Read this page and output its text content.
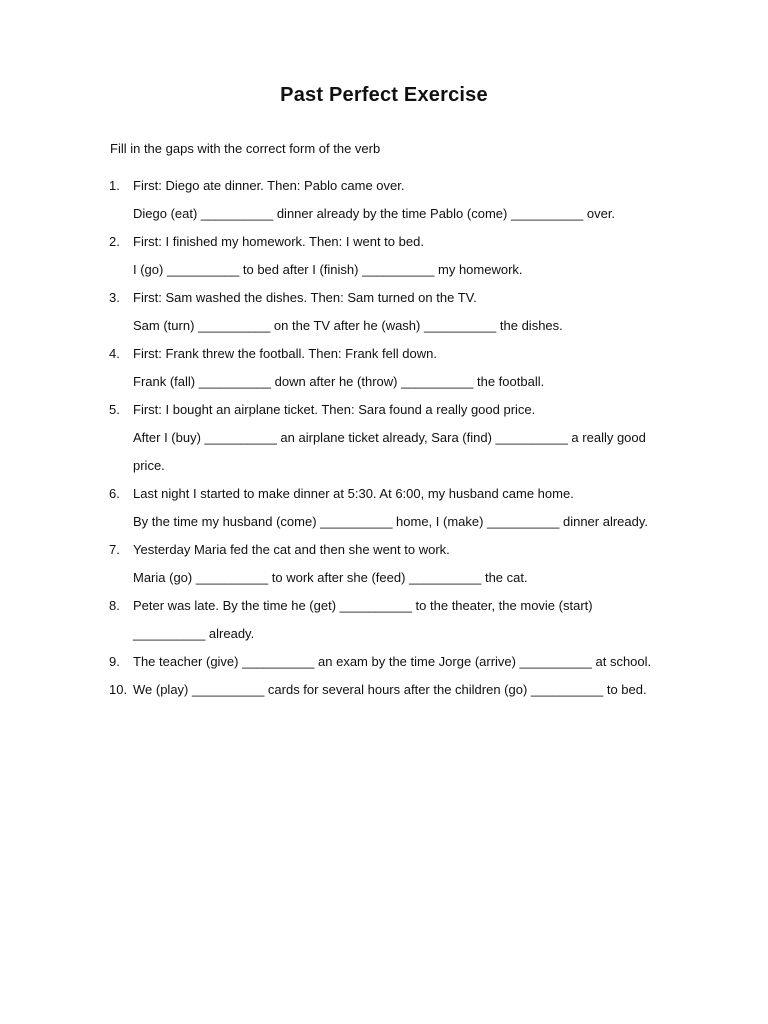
Past Perfect Exercise
Fill in the gaps with the correct form of the verb
1.	First: Diego ate dinner. Then: Pablo came over.
Diego (eat) __________ dinner already by the time Pablo (come) __________ over.
2.	First: I finished my homework. Then: I went to bed.
I (go) __________ to bed after I (finish) __________ my homework.
3.	First: Sam washed the dishes. Then: Sam turned on the TV.
Sam (turn) __________ on the TV after he (wash) __________ the dishes.
4.	First: Frank threw the football. Then: Frank fell down.
Frank (fall) __________ down after he (throw) __________ the football.
5.	First: I bought an airplane ticket. Then: Sara found a really good price.
After I (buy) __________ an airplane ticket already, Sara (find) __________ a really good
price.
6.	Last night I started to make dinner at 5:30. At 6:00, my husband came home.
By the time my husband (come) __________ home, I (make) __________ dinner already.
7.	Yesterday Maria fed the cat and then she went to work.
Maria (go) __________ to work after she (feed) __________ the cat.
8.	Peter was late. By the time he (get) __________ to the theater, the movie (start)
__________ already.
9.	The teacher (give) __________ an exam by the time Jorge (arrive) __________ at school.
10. We (play) __________ cards for several hours after the children (go) __________ to bed.
